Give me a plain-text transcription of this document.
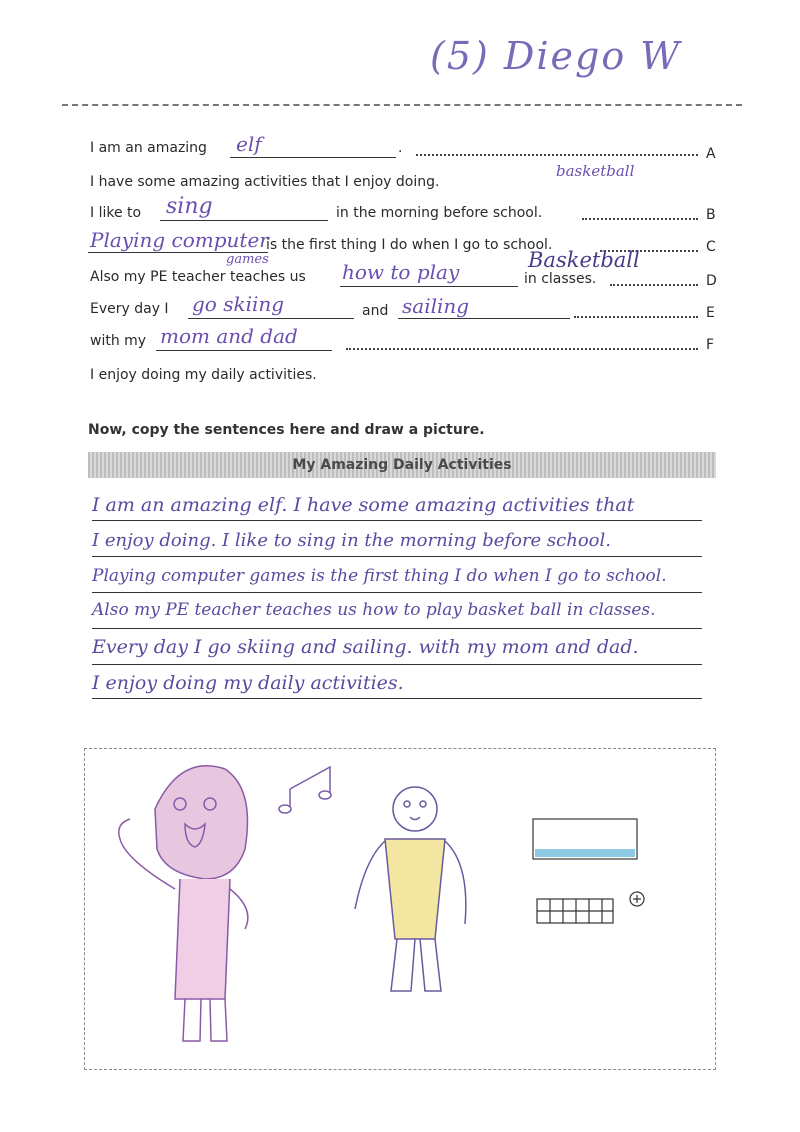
(5) Diego W
I am an amazing elf	.	A
I have some amazing activities that I enjoy doing.
basketball
I like to sing	in the morning before school.	B
Playing computer
games
is the first thing I do when I go to school.	C
Also my PE teacher teaches us how to play	Basketball
in classes.	D
Every day I go skiing	and sailing	E
with my mom and dad	F
I enjoy doing my daily activities.
Now, copy the sentences here and draw a picture.
My Amazing Daily Activities
I am an amazing elf. I have some amazing activities that
I enjoy doing. I like to sing in the morning before school.
Playing computer games is the first thing I do when I go to school.
Also my PE teacher teaches us how to play basket ball in classes.
Every day I go skiing and sailing. with my mom and dad.
I enjoy doing my daily activities.
